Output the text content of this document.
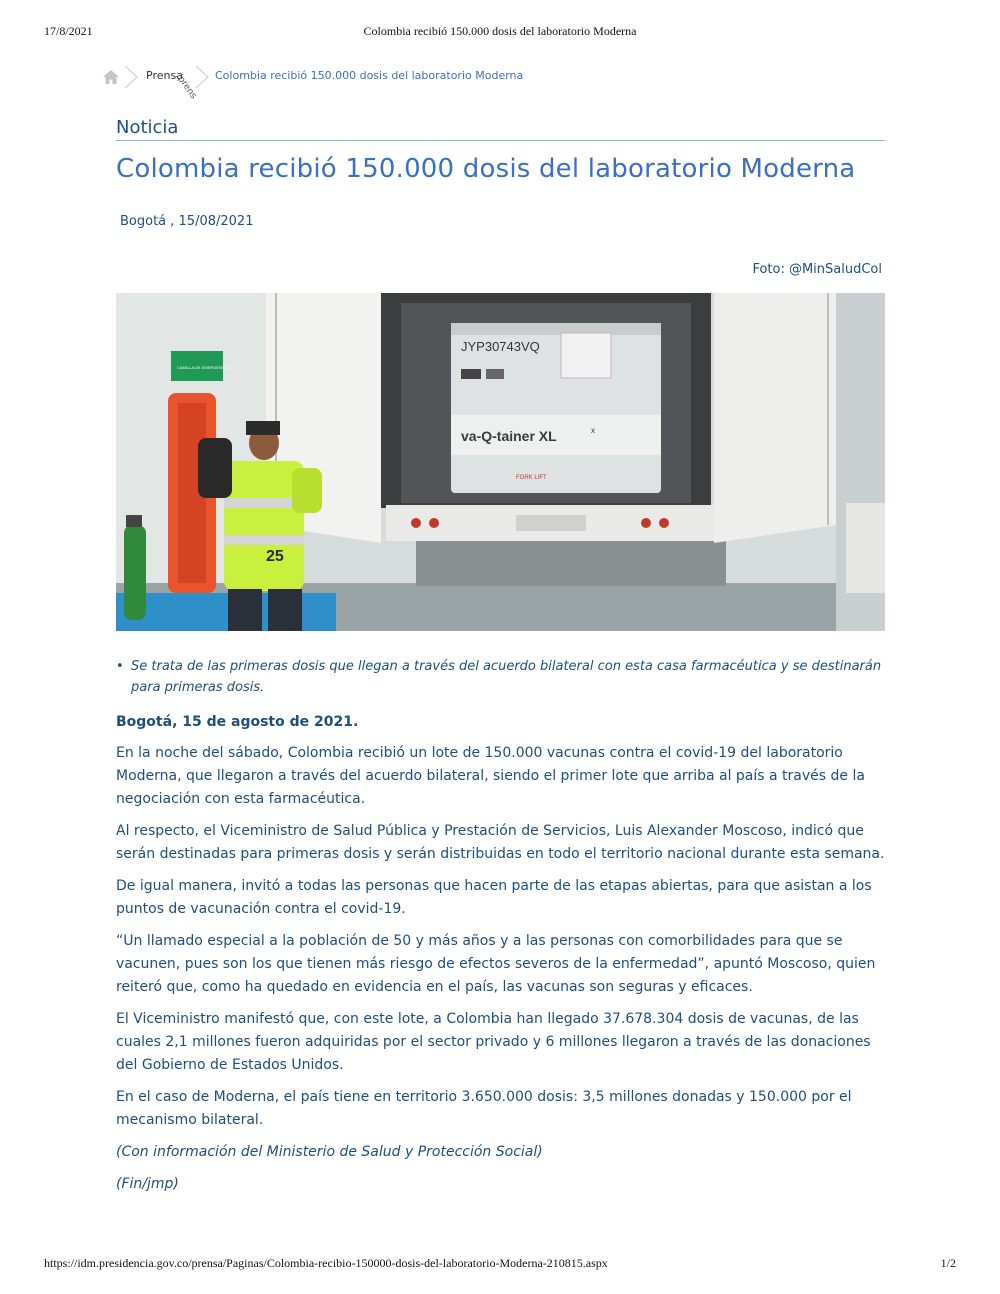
17/8/2021	Colombia recibió 150.000 dosis del laboratorio Moderna
Prensa
/prens Colombia recibió 150.000 dosis del laboratorio Moderna
Noticia
Colombia recibió 150.000 dosis del laboratorio Moderna
Bogotá , 15/08/2021
Foto: @MinSaludCol
CAMILLA DE EMERGENCIA
JYP30743VQ
va-Q-tainer XL	x
FORK LIFT
25
• Se trata de las primeras dosis que llegan a través del acuerdo bilateral con esta casa farmacéutica y se destinarán para primeras dosis.

Bogotá, 15 de agosto de 2021.

En la noche del sábado, Colombia recibió un lote de 150.000 vacunas contra el covid-19 del laboratorio Moderna, que llegaron a través del acuerdo bilateral, siendo el primer lote que arriba al país a través de la negociación con esta farmacéutica.

Al respecto, el Viceministro de Salud Pública y Prestación de Servicios, Luis Alexander Moscoso, indicó que serán destinadas para primeras dosis y serán distribuidas en todo el territorio nacional durante esta semana.

De igual manera, invitó a todas las personas que hacen parte de las etapas abiertas, para que asistan a los puntos de vacunación contra el covid-19.

“Un llamado especial a la población de 50 y más años y a las personas con comorbilidades para que se vacunen, pues son los que tienen más riesgo de efectos severos de la enfermedad”, apuntó Moscoso, quien reiteró que, como ha quedado en evidencia en el país, las vacunas son seguras y eficaces.

El Viceministro manifestó que, con este lote, a Colombia han llegado 37.678.304 dosis de vacunas, de las cuales 2,1 millones fueron adquiridas por el sector privado y 6 millones llegaron a través de las donaciones del Gobierno de Estados Unidos.

En el caso de Moderna, el país tiene en territorio 3.650.000 dosis: 3,5 millones donadas y 150.000 por el mecanismo bilateral.

(Con información del Ministerio de Salud y Protección Social)

(Fin/jmp)

https://idm.presidencia.gov.co/prensa/Paginas/Colombia-recibio-150000-dosis-del-laboratorio-Moderna-210815.aspx	1/2
